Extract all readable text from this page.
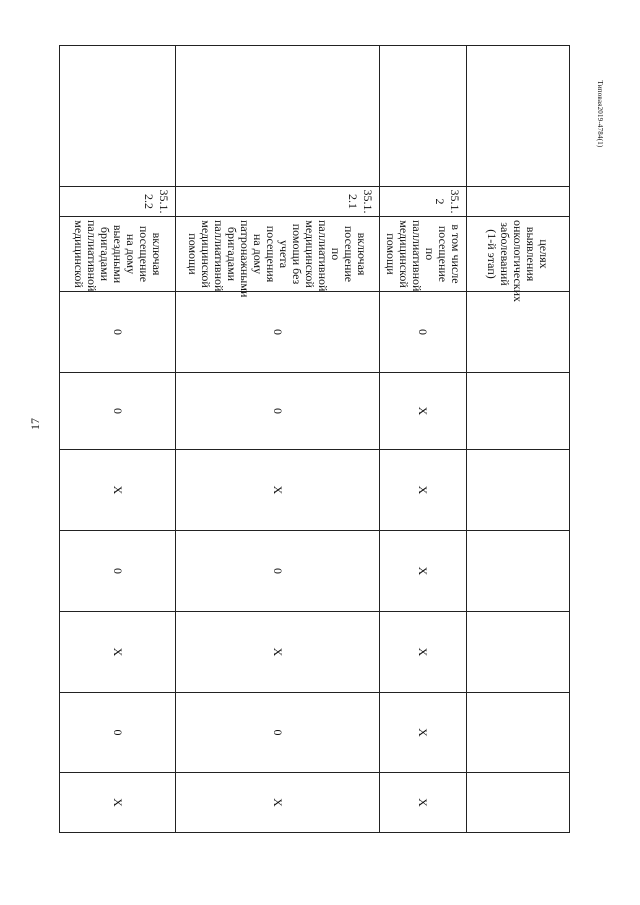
17
Типовая2019-4784(1)
		целях выявления онкологических заболеваний (1-й этап)							
	35.1.2	в том числе посещение по паллиативной медицинской помощи	0	Х	Х	Х	Х	Х	Х
	35.1.2.1	включая посещение по паллиативной медицинской помощи без учета посещения на дому патронажными бригадами паллиативной медицинской помощи	0	0	Х	0	Х	0	Х
	35.1.2.2	включая посещение на дому выездными бригадами паллиативной медицинской	0	0	Х	0	Х	0	Х
